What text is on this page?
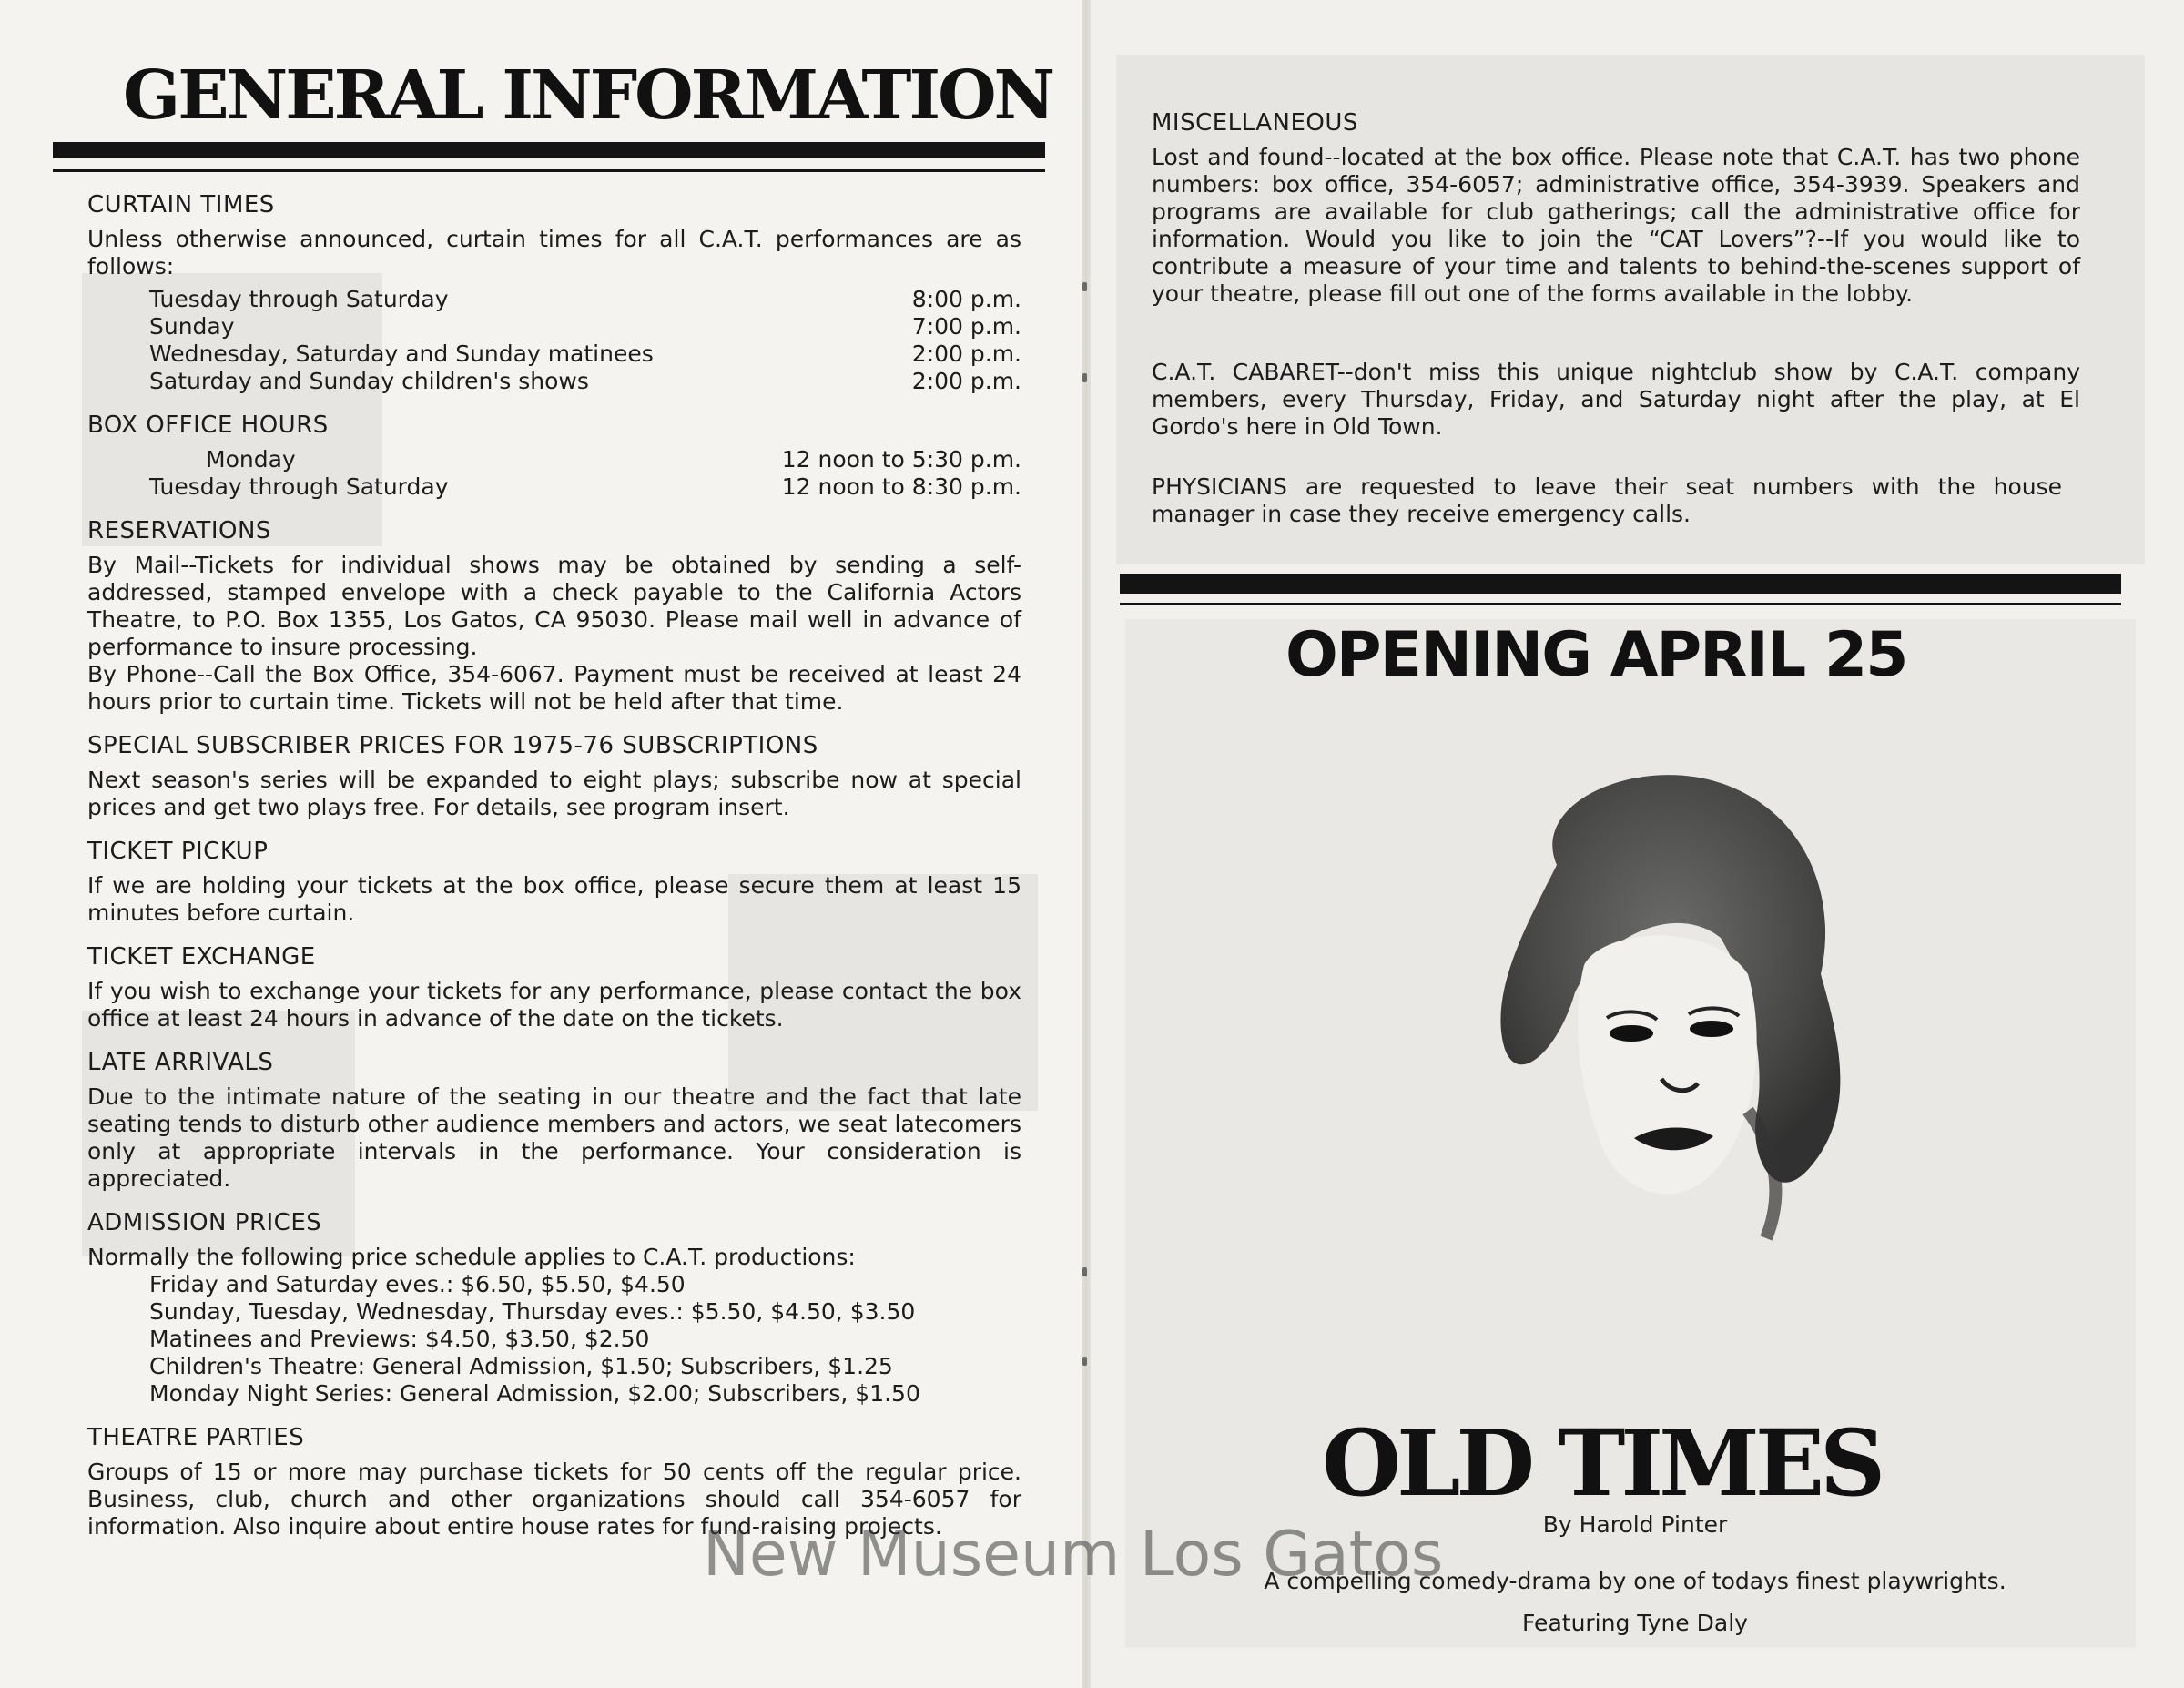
GENERAL INFORMATION
CURTAIN TIMES
Unless otherwise announced, curtain times for all C.A.T. performances are as follows:
Tuesday through Saturday	8:00 p.m.
Sunday	7:00 p.m.
Wednesday, Saturday and Sunday matinees	2:00 p.m.
Saturday and Sunday children's shows	2:00 p.m.
BOX OFFICE HOURS
Monday	12 noon to 5:30 p.m.
Tuesday through Saturday	12 noon to 8:30 p.m.
RESERVATIONS
By Mail--Tickets for individual shows may be obtained by sending a self-addressed, stamped envelope with a check payable to the California Actors Theatre, to P.O. Box 1355, Los Gatos, CA 95030. Please mail well in advance of performance to insure processing.
By Phone--Call the Box Office, 354-6067. Payment must be received at least 24 hours prior to curtain time. Tickets will not be held after that time.
SPECIAL SUBSCRIBER PRICES FOR 1975-76 SUBSCRIPTIONS
Next season's series will be expanded to eight plays; subscribe now at special prices and get two plays free. For details, see program insert.
TICKET PICKUP
If we are holding your tickets at the box office, please secure them at least 15 minutes before curtain.
TICKET EXCHANGE
If you wish to exchange your tickets for any performance, please contact the box office at least 24 hours in advance of the date on the tickets.
LATE ARRIVALS
Due to the intimate nature of the seating in our theatre and the fact that late seating tends to disturb other audience members and actors, we seat latecomers only at appropriate intervals in the performance. Your consideration is appreciated.
ADMISSION PRICES
Normally the following price schedule applies to C.A.T. productions:
Friday and Saturday eves.: $6.50, $5.50, $4.50
Sunday, Tuesday, Wednesday, Thursday eves.: $5.50, $4.50, $3.50
Matinees and Previews: $4.50, $3.50, $2.50
Children's Theatre: General Admission, $1.50; Subscribers, $1.25
Monday Night Series: General Admission, $2.00; Subscribers, $1.50
THEATRE PARTIES
Groups of 15 or more may purchase tickets for 50 cents off the regular price. Business, club, church and other organizations should call 354-6057 for information. Also inquire about entire house rates for fund-raising projects.
MISCELLANEOUS
Lost and found--located at the box office. Please note that C.A.T. has two phone numbers: box office, 354-6057; administrative office, 354-3939. Speakers and programs are available for club gatherings; call the administrative office for information. Would you like to join the “CAT Lovers”?--If you would like to contribute a measure of your time and talents to behind-the-scenes support of your theatre, please fill out one of the forms available in the lobby.
C.A.T. CABARET--don't miss this unique nightclub show by C.A.T. company members, every Thursday, Friday, and Saturday night after the play, at El Gordo's here in Old Town.
PHYSICIANS are requested to leave their seat numbers with the house manager in case they receive emergency calls.
OPENING APRIL 25
OLD TIMES
By Harold Pinter
A compelling comedy-drama by one of todays finest playwrights.
Featuring Tyne Daly
New Museum Los Gatos
